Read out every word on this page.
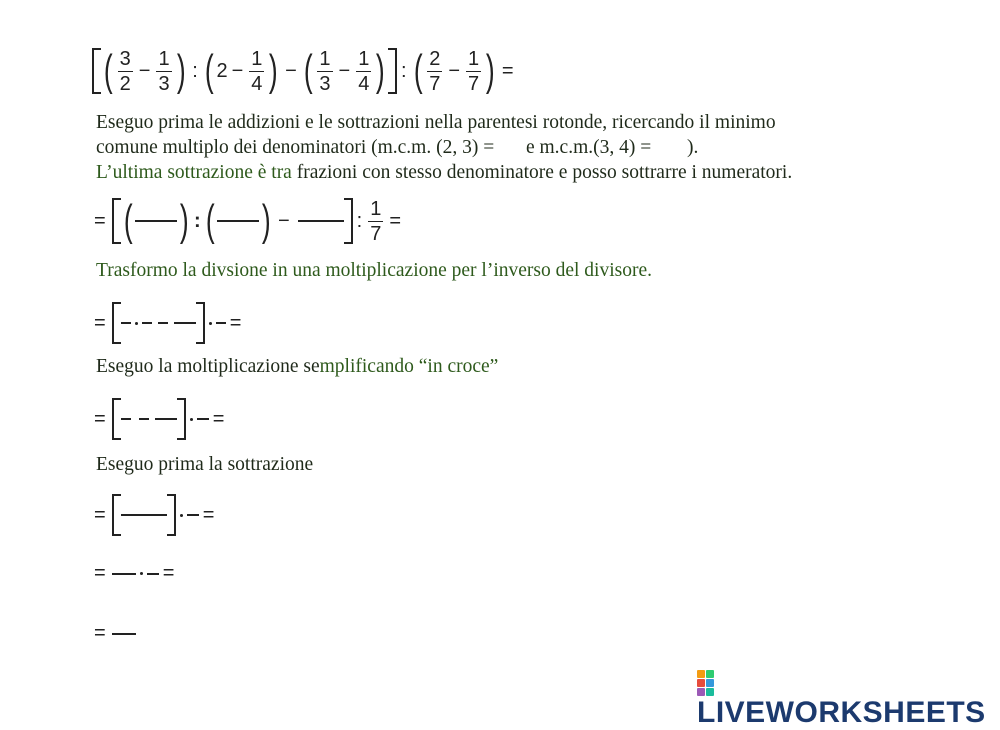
( $\frac{3}{2} - \frac{1}{3}$ ) : ( $2 - \frac{1}{4}$ ) − ( $\frac{1}{3} - \frac{1}{4}$ ) : ( $\frac{2}{7} - \frac{1}{7}$ ) =
Eseguo prima le addizioni e le sottrazioni nella parentesi rotonde, ricercando il minimo
comune multiplo dei denominatori (m.c.m. (2, 3) = e m.c.m.(3, 4) = ).
L’ultima sottrazione è tra frazioni con stesso denominatore e posso sottrarre i numeratori.
= ( ) : ( ) −	: $\frac{1}{7}$ =
Trasformo la divsione in una moltiplicazione per l’inverso del divisore.
=	=
Eseguo la moltiplicazione semplificando “in croce”
=	=
Eseguo prima la sottrazione
=	=
=	=
=
LIVEWORKSHEETS
